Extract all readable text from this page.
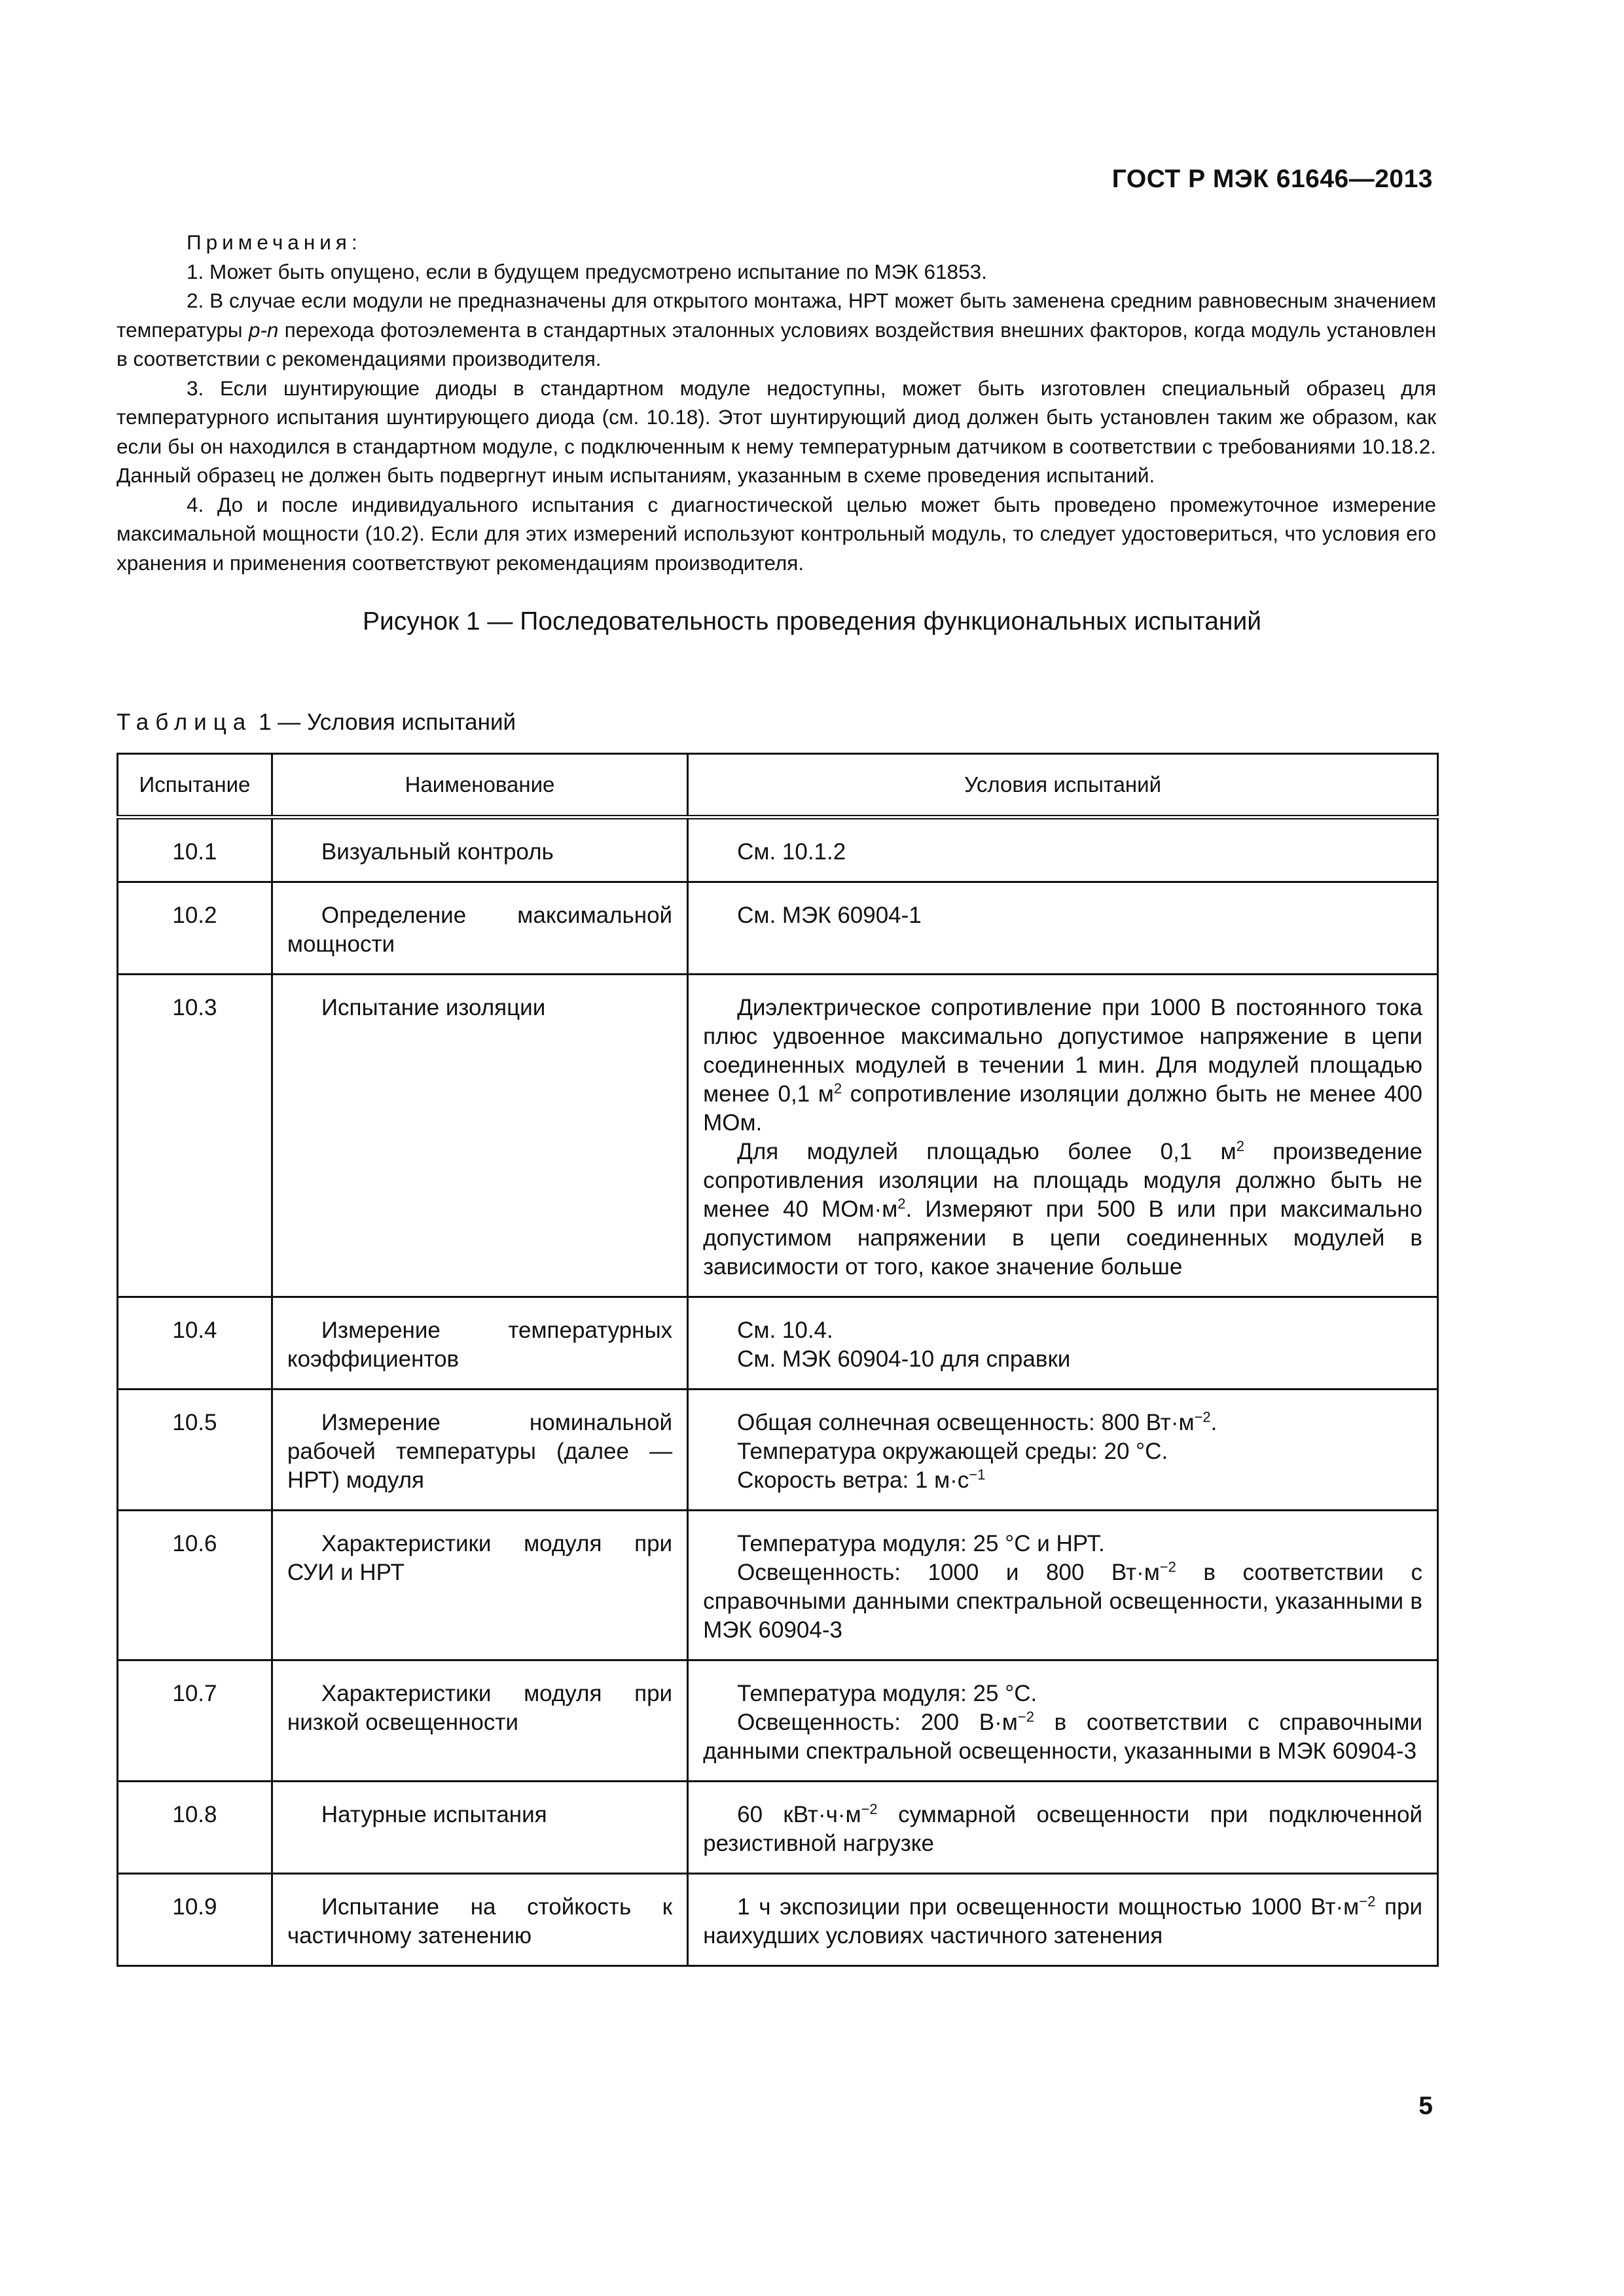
ГОСТ Р МЭК 61646—2013

Примечания:

1. Может быть опущено, если в будущем предусмотрено испытание по МЭК 61853.

2. В случае если модули не предназначены для открытого монтажа, НРТ может быть заменена средним равновесным значением температуры p-n перехода фотоэлемента в стандартных эталонных условиях воздействия внешних факторов, когда модуль установлен в соответствии с рекомендациями производителя.

3. Если шунтирующие диоды в стандартном модуле недоступны, может быть изготовлен специальный образец для температурного испытания шунтирующего диода (см. 10.18). Этот шунтирующий диод должен быть установлен таким же образом, как если бы он находился в стандартном модуле, с подключенным к нему температурным датчиком в соответствии с требованиями 10.18.2. Данный образец не должен быть подвергнут иным испытаниям, указанным в схеме проведения испытаний.

4. До и после индивидуального испытания с диагностической целью может быть проведено промежуточное измерение максимальной мощности (10.2). Если для этих измерений используют контрольный модуль, то следует удостовериться, что условия его хранения и применения соответствуют рекомендациям производителя.

Рисунок 1 — Последовательность проведения функциональных испытаний
Таблица 1 — Условия испытаний
Испытание	Наименование	Условия испытаний
10.1	Визуальный контроль	См. 10.1.2

10.2	Определение максимальной мощности	См. МЭК 60904-1

10.3	Испытание изоляции	Диэлектрическое сопротивление при 1000 В постоянного тока плюс удвоенное максимально допустимое напряжение в цепи соединенных модулей в течении 1 мин. Для модулей площадью менее 0,1 $м^2$ сопротивление изоляции должно быть не менее 400 МОм.

Для модулей площадью более 0,1 $м^2$ произведение сопротивления изоляции на площадь модуля должно быть не менее 40 $МОм\cdot м^2$. Измеряют при 500 В или при максимально допустимом напряжении в цепи соединенных модулей в зависимости от того, какое значение больше

10.4	Измерение температурных коэффициентов	См. 10.4.

См. МЭК 60904-10 для справки

10.5	Измерение номинальной рабочей температуры (далее — НРТ) модуля	Общая солнечная освещенность: 800 $Вт\cdot м^{-2}$.

Температура окружающей среды: 20 °С.

Скорость ветра: 1 $м\cdot с^{-1}$

10.6	Характеристики модуля при СУИ и НРТ	Температура модуля: 25 °С и НРТ.

Освещенность: 1000 и 800 $Вт\cdot м^{-2}$ в соответствии с справочными данными спектральной освещенности, указанными в МЭК 60904-3

10.7	Характеристики модуля при низкой освещенности	Температура модуля: 25 °С.

Освещенность: 200 $В\cdot м^{-2}$ в соответствии с справочными данными спектральной освещенности, указанными в МЭК 60904-3

10.8	Натурные испытания	60 $кВт\cdot ч\cdot м^{-2}$ суммарной освещенности при подключенной резистивной нагрузке

10.9	Испытание на стойкость к частичному затенению	1 ч экспозиции при освещенности мощностью 1000 $Вт\cdot м^{-2}$ при наихудших условиях частичного затенения

5
